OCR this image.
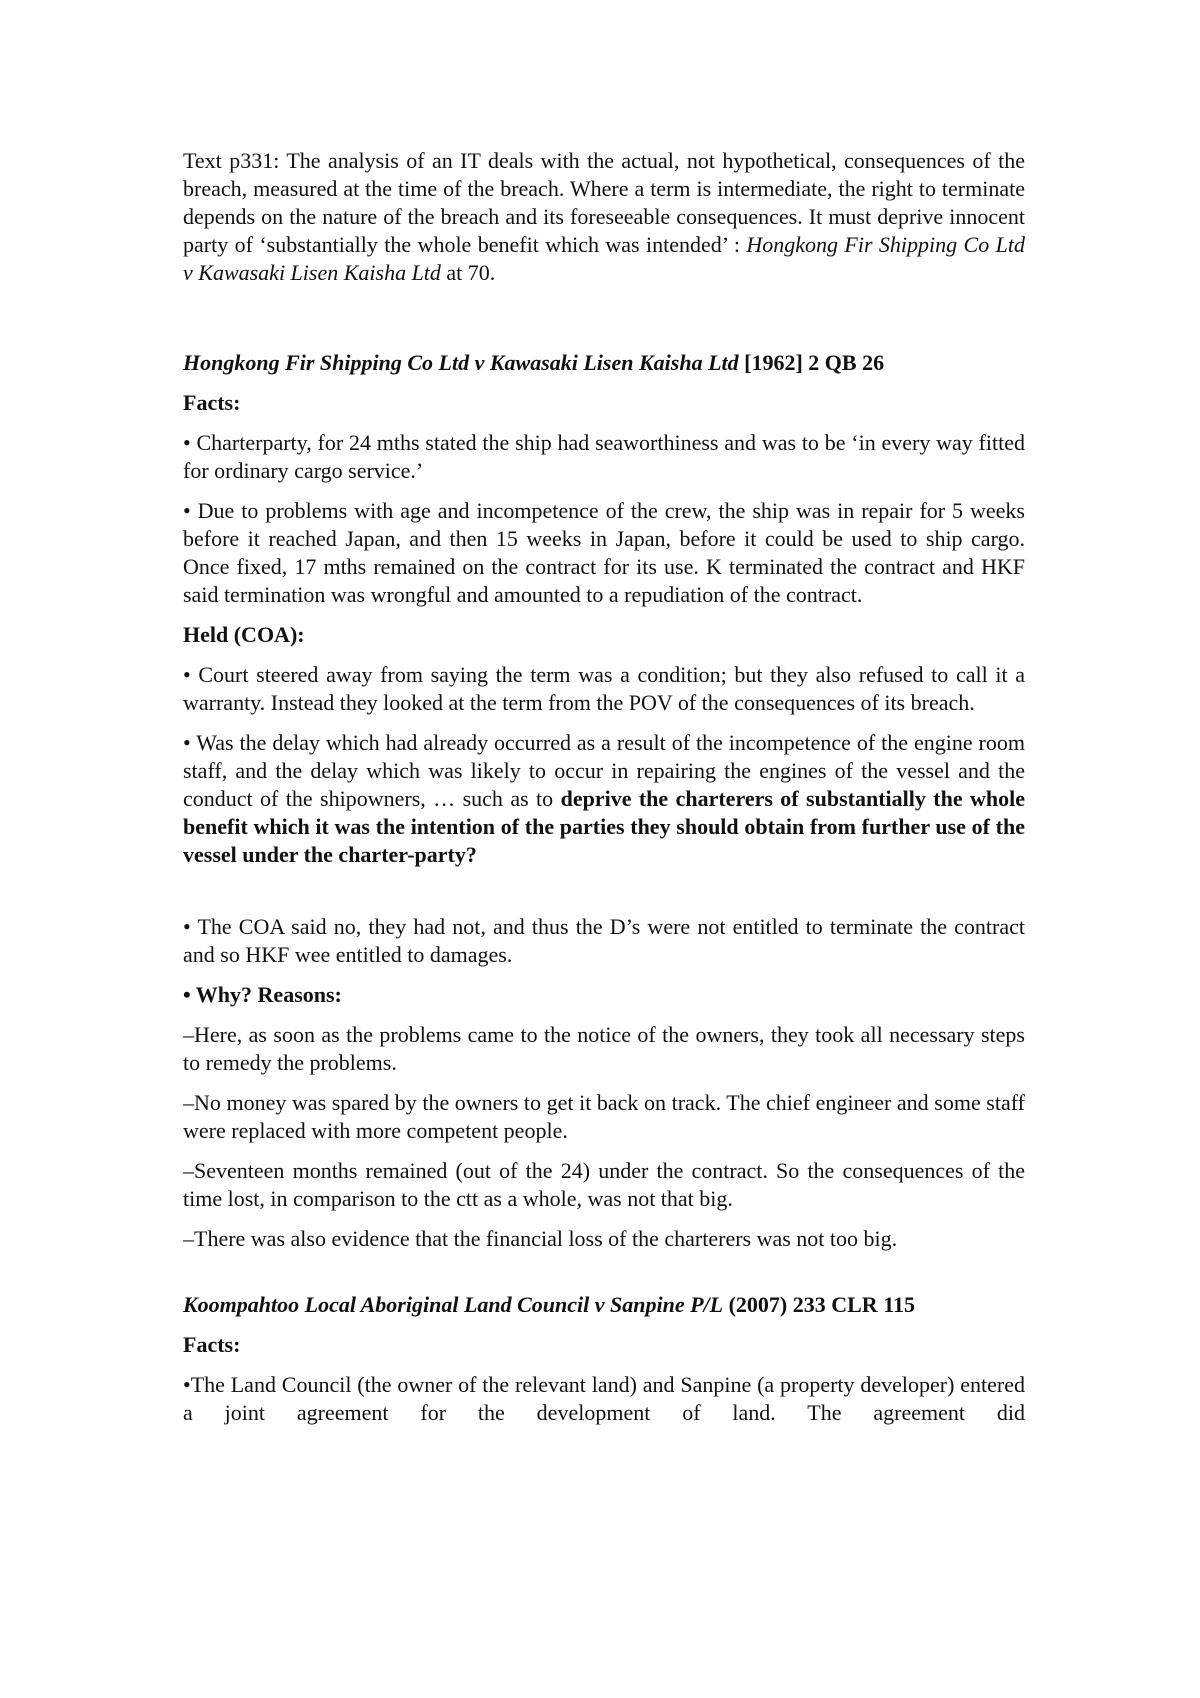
Text p331: The analysis of an IT deals with the actual, not hypothetical, consequences of the breach, measured at the time of the breach. Where a term is intermediate, the right to terminate depends on the nature of the breach and its foreseeable consequences. It must deprive innocent party of ‘substantially the whole benefit which was intended’ : Hongkong Fir Shipping Co Ltd v Kawasaki Lisen Kaisha Ltd at 70.

Hongkong Fir Shipping Co Ltd v Kawasaki Lisen Kaisha Ltd [1962] 2 QB 26

Facts:

• Charterparty, for 24 mths stated the ship had seaworthiness and was to be ‘in every way fitted for ordinary cargo service.’

• Due to problems with age and incompetence of the crew, the ship was in repair for 5 weeks before it reached Japan, and then 15 weeks in Japan, before it could be used to ship cargo. Once fixed, 17 mths remained on the contract for its use. K terminated the contract and HKF said termination was wrongful and amounted to a repudiation of the contract.

Held (COA):

• Court steered away from saying the term was a condition; but they also refused to call it a warranty. Instead they looked at the term from the POV of the consequences of its breach.

• Was the delay which had already occurred as a result of the incompetence of the engine room staff, and the delay which was likely to occur in repairing the engines of the vessel and the conduct of the shipowners, … such as to deprive the charterers of substantially the whole benefit which it was the intention of the parties they should obtain from further use of the vessel under the charter-party?

• The COA said no, they had not, and thus the D’s were not entitled to terminate the contract and so HKF wee entitled to damages.

• Why? Reasons:

–Here, as soon as the problems came to the notice of the owners, they took all necessary steps to remedy the problems.

–No money was spared by the owners to get it back on track. The chief engineer and some staff were replaced with more competent people.

–Seventeen months remained (out of the 24) under the contract. So the consequences of the time lost, in comparison to the ctt as a whole, was not that big.

–There was also evidence that the financial loss of the charterers was not too big.

Koompahtoo Local Aboriginal Land Council v Sanpine P/L (2007) 233 CLR 115

Facts:

•The Land Council (the owner of the relevant land) and Sanpine (a property developer) entered a joint agreement for the development of land. The agreement did
